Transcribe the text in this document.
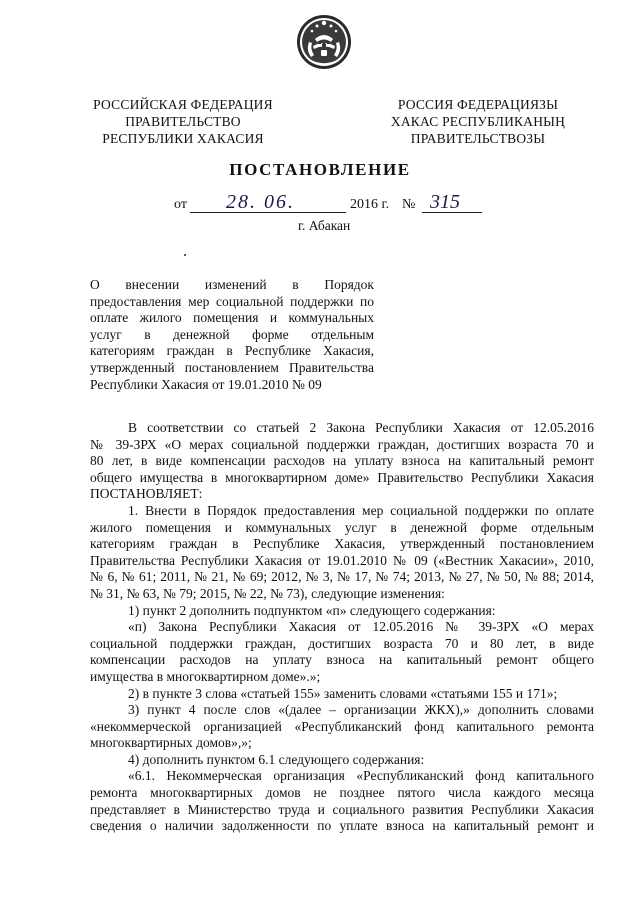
РОССИЙСКАЯ ФЕДЕРАЦИЯ
ПРАВИТЕЛЬСТВО
РЕСПУБЛИКИ ХАКАСИЯ
РОССИЯ ФЕДЕРАЦИЯЗЫ
ХАКАС РЕСПУБЛИКАНЫҢ
ПРАВИТЕЛЬСТВОЗЫ
ПОСТАНОВЛЕНИЕ
от 28. 06.	2016 г. № 315
г. Абакан
О внесении изменений в Порядок
предоставления мер социальной поддержки по
оплате жилого помещения и коммунальных
услуг в денежной форме отдельным
категориям граждан в Республике Хакасия,
утвержденный постановлением Правительства
Республики Хакасия от 19.01.2010 № 09
В соответствии со статьей 2 Закона Республики Хакасия от 12.05.2016
№ 39-ЗРХ «О мерах социальной поддержки граждан, достигших возраста 70 и
80 лет, в виде компенсации расходов на уплату взноса на капитальный ремонт
общего имущества в многоквартирном доме» Правительство Республики Хакасия
ПОСТАНОВЛЯЕТ:
1. Внести в Порядок предоставления мер социальной поддержки по оплате
жилого помещения и коммунальных услуг в денежной форме отдельным
категориям граждан в Республике Хакасия, утвержденный постановлением
Правительства Республики Хакасия от 19.01.2010 № 09 («Вестник Хакасии», 2010,
№ 6, № 61; 2011, № 21, № 69; 2012, № 3, № 17, № 74; 2013, № 27, № 50, № 88; 2014,
№ 31, № 63, № 79; 2015, № 22, № 73), следующие изменения:
1) пункт 2 дополнить подпунктом «п» следующего содержания:
«п) Закона Республики Хакасия от 12.05.2016 № 39-ЗРХ «О мерах
социальной поддержки граждан, достигших возраста 70 и 80 лет, в виде
компенсации расходов на уплату взноса на капитальный ремонт общего
имущества в многоквартирном доме».»;
2) в пункте 3 слова «статьей 155» заменить словами «статьями 155 и 171»;
3) пункт 4 после слов «(далее – организации ЖКХ),» дополнить словами
«некоммерческой организацией «Республиканский фонд капитального ремонта
многоквартирных домов»,»;
4) дополнить пунктом 6.1 следующего содержания:
«6.1. Некоммерческая организация «Республиканский фонд капитального
ремонта многоквартирных домов не позднее пятого числа каждого месяца
представляет в Министерство труда и социального развития Республики Хакасия
сведения о наличии задолженности по уплате взноса на капитальный ремонт и
